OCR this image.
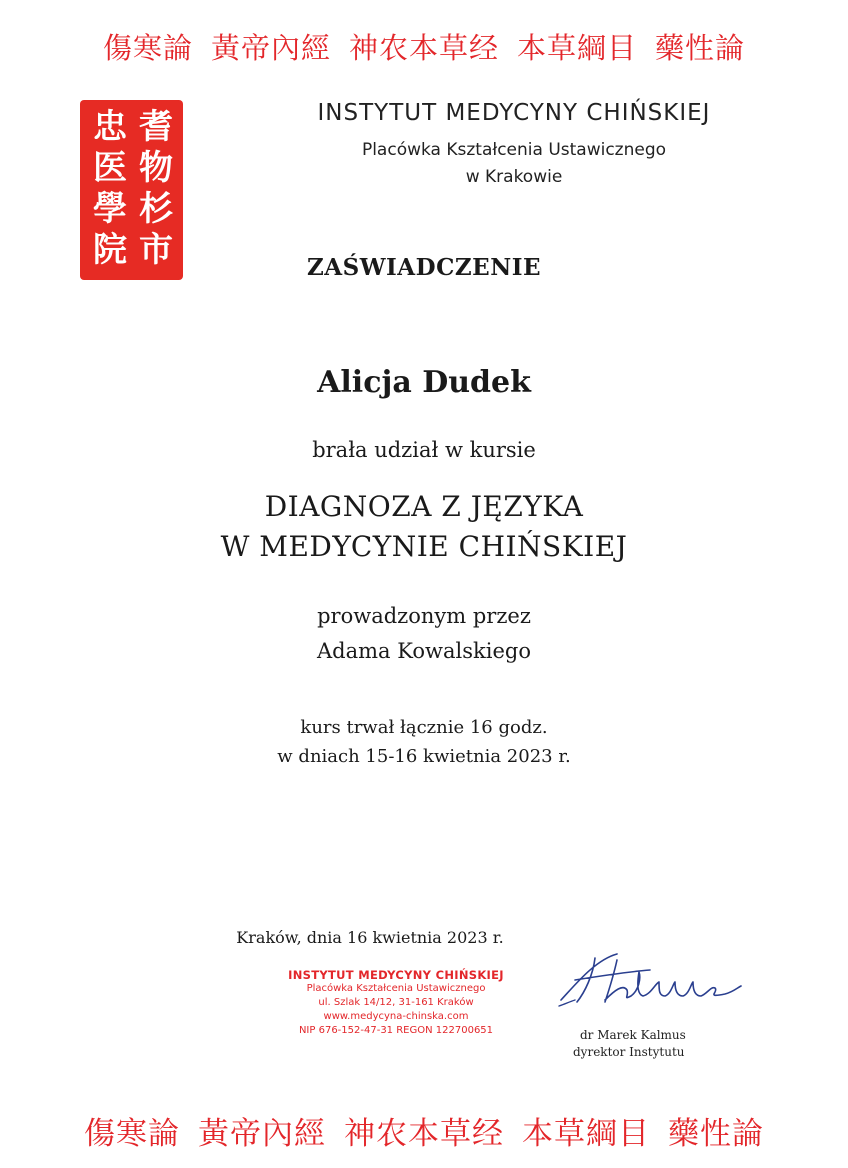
傷寒論 黃帝內經 神农本草经 本草綱目 藥性論
忠
医
學
院
耆
物
杉
市
INSTYTUT MEDYCYNY CHIŃSKIEJ
Placówka Kształcenia Ustawicznego
w Krakowie
ZAŚWIADCZENIE
Alicja Dudek
brała udział w kursie
DIAGNOZA Z JĘZYKA
W MEDYCYNIE CHIŃSKIEJ
prowadzonym przez
Adama Kowalskiego
kurs trwał łącznie 16 godz.
w dniach 15-16 kwietnia 2023 r.
Kraków, dnia 16 kwietnia 2023 r.
INSTYTUT MEDYCYNY CHIŃSKIEJ
Placówka Kształcenia Ustawicznego
ul. Szlak 14/12, 31-161 Kraków
www.medycyna-chinska.com
NIP 676-152-47-31 REGON 122700651	dr Marek Kalmus
dyrektor Instytutu
傷寒論 黃帝內經 神农本草经 本草綱目 藥性論
